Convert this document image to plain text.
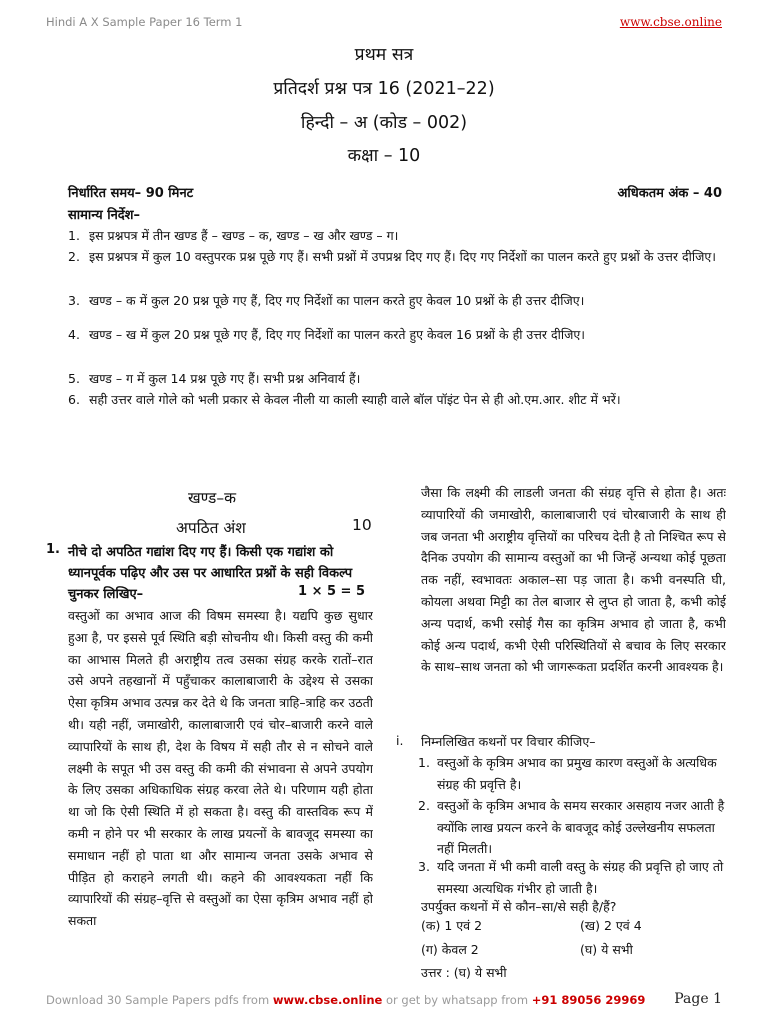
Hindi A X Sample Paper 16 Term 1	www.cbse.online
प्रथम सत्र
प्रतिदर्श प्रश्न पत्र 16 (2021–22)
हिन्दी – अ (कोड – 002)
कक्षा – 10
निर्धारित समय– 90 मिनट	अधिकतम अंक – 40
सामान्य निर्देश–
1. इस प्रश्नपत्र में तीन खण्ड हैं – खण्ड – क, खण्ड – ख और खण्ड – ग।
2. इस प्रश्नपत्र में कुल 10 वस्तुपरक प्रश्न पूछे गए हैं। सभी प्रश्नों में उपप्रश्न दिए गए हैं। दिए गए निर्देशों का पालन करते हुए प्रश्नों के उत्तर दीजिए।
3. खण्ड – क में कुल 20 प्रश्न पूछे गए हैं, दिए गए निर्देशों का पालन करते हुए केवल 10 प्रश्नों के ही उत्तर दीजिए।
4. खण्ड – ख में कुल 20 प्रश्न पूछे गए हैं, दिए गए निर्देशों का पालन करते हुए केवल 16 प्रश्नों के ही उत्तर दीजिए।
5. खण्ड – ग में कुल 14 प्रश्न पूछे गए हैं। सभी प्रश्न अनिवार्य हैं।
6. सही उत्तर वाले गोले को भली प्रकार से केवल नीली या काली स्याही वाले बॉल पॉइंट पेन से ही ओ.एम.आर. शीट में भरें।
खण्ड–क
अपठित अंश	10
1. नीचे दो अपठित गद्यांश दिए गए हैं। किसी एक गद्यांश को ध्यानपूर्वक पढ़िए और उस पर आधारित प्रश्नों के सही विकल्प चुनकर लिखिए–	1 × 5 = 5
वस्तुओं का अभाव आज की विषम समस्या है। यद्यपि कुछ सुधार हुआ है, पर इससे पूर्व स्थिति बड़ी सोचनीय थी। किसी वस्तु की कमी का आभास मिलते ही अराष्ट्रीय तत्व उसका संग्रह करके रातों–रात उसे अपने तहखानों में पहुँचाकर कालाबाजारी के उद्देश्य से उसका ऐसा कृत्रिम अभाव उत्पन्न कर देते थे कि जनता त्राहि–त्राहि कर उठती थी। यही नहीं, जमाखोरी, कालाबाजारी एवं चोर–बाजारी करने वाले व्यापारियों के साथ ही, देश के विषय में सही तौर से न सोचने वाले लक्ष्मी के सपूत भी उस वस्तु की कमी की संभावना से अपने उपयोग के लिए उसका अधिकाधिक संग्रह करवा लेते थे। परिणाम यही होता था जो कि ऐसी स्थिति में हो सकता है। वस्तु की वास्तविक रूप में कमी न होने पर भी सरकार के लाख प्रयत्नों के बावजूद समस्या का समाधान नहीं हो पाता था और सामान्य जनता उसके अभाव से पीड़ित हो कराहने लगती थी। कहने की आवश्यकता नहीं कि व्यापारियों की संग्रह–वृत्ति से वस्तुओं का ऐसा कृत्रिम अभाव नहीं हो सकता
जैसा कि लक्ष्मी की लाडली जनता की संग्रह वृत्ति से होता है। अतः व्यापारियों की जमाखोरी, कालाबाजारी एवं चोरबाजारी के साथ ही जब जनता भी अराष्ट्रीय वृत्तियों का परिचय देती है तो निश्चित रूप से दैनिक उपयोग की सामान्य वस्तुओं का भी जिन्हें अन्यथा कोई पूछता तक नहीं, स्वभावतः अकाल–सा पड़ जाता है। कभी वनस्पति घी, कोयला अथवा मिट्टी का तेल बाजार से लुप्त हो जाता है, कभी कोई अन्य पदार्थ, कभी रसोई गैस का कृत्रिम अभाव हो जाता है, कभी कोई अन्य पदार्थ, कभी ऐसी परिस्थितियों से बचाव के लिए सरकार के साथ–साथ जनता को भी जागरूकता प्रदर्शित करनी आवश्यक है।
i. निम्नलिखित कथनों पर विचार कीजिए–
1. वस्तुओं के कृत्रिम अभाव का प्रमुख कारण वस्तुओं के अत्यधिक संग्रह की प्रवृत्ति है।
2. वस्तुओं के कृत्रिम अभाव के समय सरकार असहाय नजर आती है क्योंकि लाख प्रयत्न करने के बावजूद कोई उल्लेखनीय सफलता नहीं मिलती।
3. यदि जनता में भी कमी वाली वस्तु के संग्रह की प्रवृत्ति हो जाए तो समस्या अत्यधिक गंभीर हो जाती है।
उपर्युक्त कथनों में से कौन–सा/से सही है/हैं?
(क) 1 एवं 2	(ख) 2 एवं 4
(ग) केवल 2	(घ) ये सभी
उत्तर : (घ) ये सभी
Download 30 Sample Papers pdfs from www.cbse.online or get by whatsapp from +91 89056 29969 Page 1
